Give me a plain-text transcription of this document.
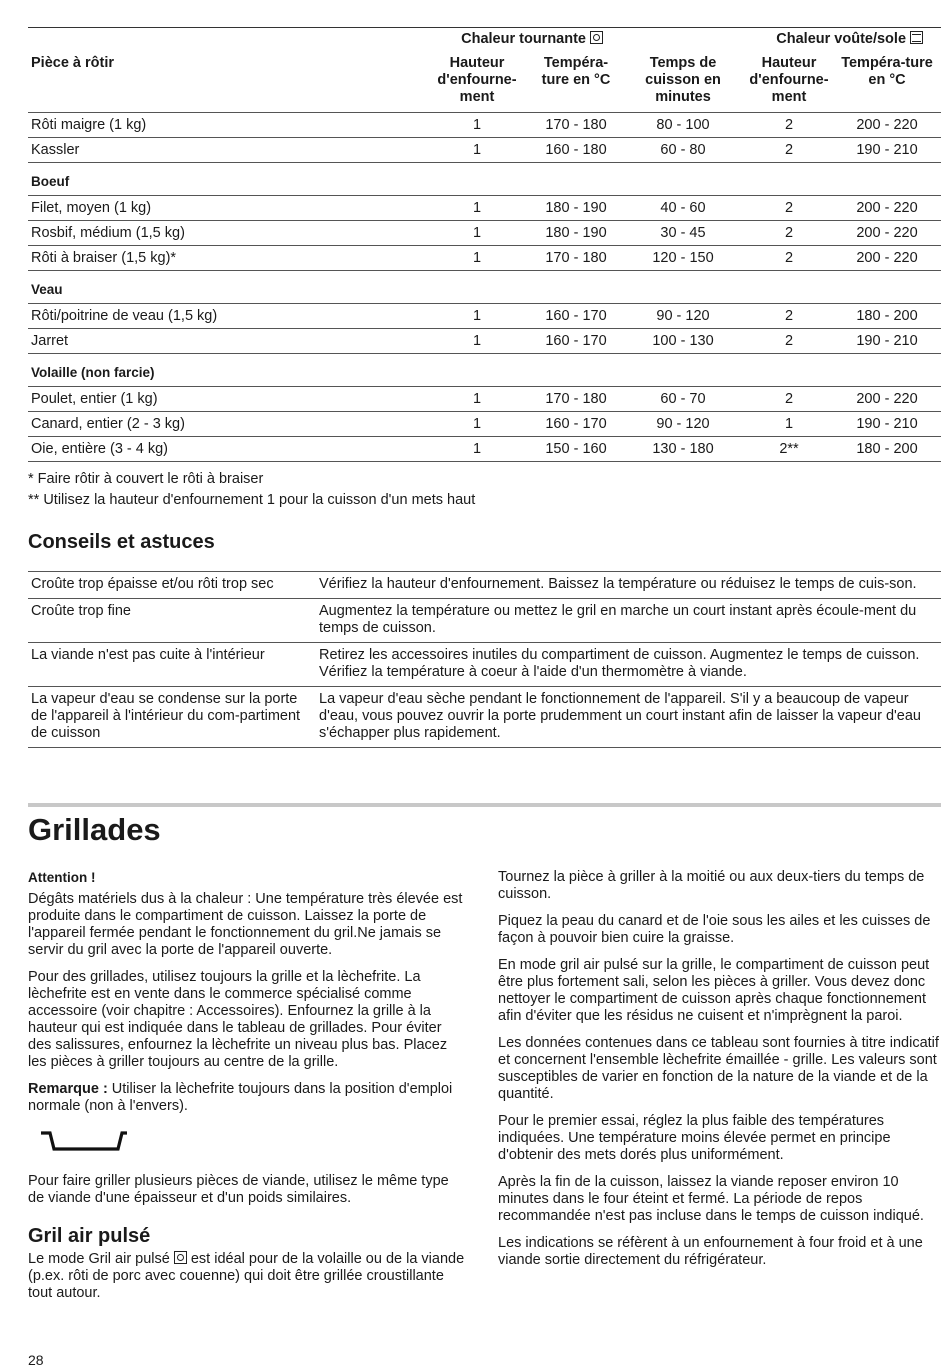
	Chaleur tournante			Chaleur voûte/sole	
Pièce à rôtir	Hauteur d'enfourne-ment	Tempéra-ture en °C	Temps de cuisson en minutes	Hauteur d'enfourne-ment	Tempéra-ture en °C
Rôti maigre (1 kg)	1	170 - 180	80 - 100	2	200 - 220
Kassler	1	160 - 180	60 - 80	2	190 - 210
Boeuf					
Filet, moyen (1 kg)	1	180 - 190	40 - 60	2	200 - 220
Rosbif, médium (1,5 kg)	1	180 - 190	30 - 45	2	200 - 220
Rôti à braiser (1,5 kg)*	1	170 - 180	120 - 150	2	200 - 220
Veau					
Rôti/poitrine de veau (1,5 kg)	1	160 - 170	90 - 120	2	180 - 200
Jarret	1	160 - 170	100 - 130	2	190 - 210
Volaille (non farcie)					
Poulet, entier (1 kg)	1	170 - 180	60 - 70	2	200 - 220
Canard, entier (2 - 3 kg)	1	160 - 170	90 - 120	1	190 - 210
Oie, entière (3 - 4 kg)	1	150 - 160	130 - 180	2**	180 - 200
* Faire rôtir à couvert le rôti à braiser
** Utilisez la hauteur d'enfournement 1 pour la cuisson d'un mets haut
Conseils et astuces
Croûte trop épaisse et/ou rôti trop sec	Vérifiez la hauteur d'enfournement. Baissez la température ou réduisez le temps de cuis-son.
Croûte trop fine	Augmentez la température ou mettez le gril en marche un court instant après écoule-ment du temps de cuisson.
La viande n'est pas cuite à l'intérieur	Retirez les accessoires inutiles du compartiment de cuisson. Augmentez le temps de cuisson. Vérifiez la température à coeur à l'aide d'un thermomètre à viande.
La vapeur d'eau se condense sur la porte de l'appareil à l'intérieur du com-partiment de cuisson	La vapeur d'eau sèche pendant le fonctionnement de l'appareil. S'il y a beaucoup de vapeur d'eau, vous pouvez ouvrir la porte prudemment un court instant afin de laisser la vapeur d'eau s'échapper plus rapidement.
Grillades

Attention !

Dégâts matériels dus à la chaleur : Une température très élevée est produite dans le compartiment de cuisson. Laissez la porte de l'appareil fermée pendant le fonctionnement du gril.Ne jamais se servir du gril avec la porte de l'appareil ouverte.

Pour des grillades, utilisez toujours la grille et la lèchefrite. La lèchefrite est en vente dans le commerce spécialisé comme accessoire (voir chapitre : Accessoires). Enfournez la grille à la hauteur qui est indiquée dans le tableau de grillades. Pour éviter des salissures, enfournez la lèchefrite un niveau plus bas. Placez les pièces à griller toujours au centre de la grille.

Remarque : Utiliser la lèchefrite toujours dans la position d'emploi normale (non à l'envers).

Pour faire griller plusieurs pièces de viande, utilisez le même type de viande d'une épaisseur et d'un poids similaires.

Gril air pulsé

Le mode Gril air pulsé est idéal pour de la volaille ou de la viande (p.ex. rôti de porc avec couenne) qui doit être grillée croustillante tout autour.

Tournez la pièce à griller à la moitié ou aux deux-tiers du temps de cuisson.

Piquez la peau du canard et de l'oie sous les ailes et les cuisses de façon à pouvoir bien cuire la graisse.

En mode gril air pulsé sur la grille, le compartiment de cuisson peut être plus fortement sali, selon les pièces à griller. Vous devez donc nettoyer le compartiment de cuisson après chaque fonctionnement afin d'éviter que les résidus ne cuisent et n'imprègnent la paroi.

Les données contenues dans ce tableau sont fournies à titre indicatif et concernent l'ensemble lèchefrite émaillée - grille. Les valeurs sont susceptibles de varier en fonction de la nature de la viande et de la quantité.

Pour le premier essai, réglez la plus faible des températures indiquées. Une température moins élevée permet en principe d'obtenir des mets dorés plus uniformément.

Après la fin de la cuisson, laissez la viande reposer environ 10 minutes dans le four éteint et fermé. La période de repos recommandée n'est pas incluse dans le temps de cuisson indiqué.

Les indications se réfèrent à un enfournement à four froid et à une viande sortie directement du réfrigérateur.

28
